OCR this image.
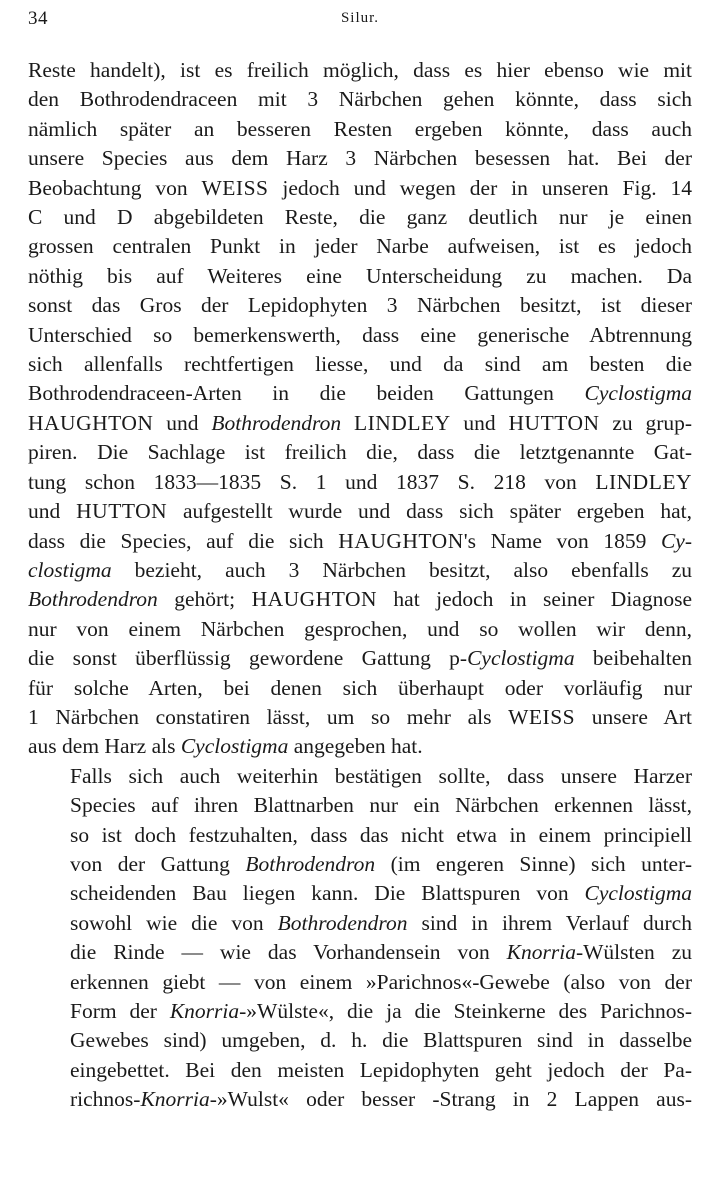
34	Silur.

Reste handelt), ist es freilich möglich, dass es hier ebenso wie mit
den Bothrodendraceen mit 3 Närbchen gehen könnte, dass sich
nämlich später an besseren Resten ergeben könnte, dass auch
unsere Species aus dem Harz 3 Närbchen besessen hat. Bei der
Beobachtung von WEISS jedoch und wegen der in unseren Fig. 14
C und D abgebildeten Reste, die ganz deutlich nur je einen
grossen centralen Punkt in jeder Narbe aufweisen, ist es jedoch
nöthig bis auf Weiteres eine Unterscheidung zu machen. Da
sonst das Gros der Lepidophyten 3 Närbchen besitzt, ist dieser
Unterschied so bemerkenswerth, dass eine generische Abtrennung
sich allenfalls rechtfertigen liesse, und da sind am besten die
Bothrodendraceen-Arten in die beiden Gattungen Cyclostigma
HAUGHTON und Bothrodendron LINDLEY und HUTTON zu grup-
piren. Die Sachlage ist freilich die, dass die letztgenannte Gat-
tung schon 1833—1835 S. 1 und 1837 S. 218 von LINDLEY
und HUTTON aufgestellt wurde und dass sich später ergeben hat,
dass die Species, auf die sich HAUGHTON's Name von 1859 Cy-
clostigma bezieht, auch 3 Närbchen besitzt, also ebenfalls zu
Bothrodendron gehört; HAUGHTON hat jedoch in seiner Diagnose
nur von einem Närbchen gesprochen, und so wollen wir denn,
die sonst überflüssig gewordene Gattung p-Cyclostigma beibehalten
für solche Arten, bei denen sich überhaupt oder vorläufig nur
1 Närbchen constatiren lässt, um so mehr als WEISS unsere Art
aus dem Harz als Cyclostigma angegeben hat.

Falls sich auch weiterhin bestätigen sollte, dass unsere Harzer
Species auf ihren Blattnarben nur ein Närbchen erkennen lässt,
so ist doch festzuhalten, dass das nicht etwa in einem principiell
von der Gattung Bothrodendron (im engeren Sinne) sich unter-
scheidenden Bau liegen kann. Die Blattspuren von Cyclostigma
sowohl wie die von Bothrodendron sind in ihrem Verlauf durch
die Rinde — wie das Vorhandensein von Knorria-Wülsten zu
erkennen giebt — von einem »Parichnos«-Gewebe (also von der
Form der Knorria-»Wülste«, die ja die Steinkerne des Parichnos-
Gewebes sind) umgeben, d. h. die Blattspuren sind in dasselbe
eingebettet. Bei den meisten Lepidophyten geht jedoch der Pa-
richnos-Knorria-»Wulst« oder besser -Strang in 2 Lappen aus-
